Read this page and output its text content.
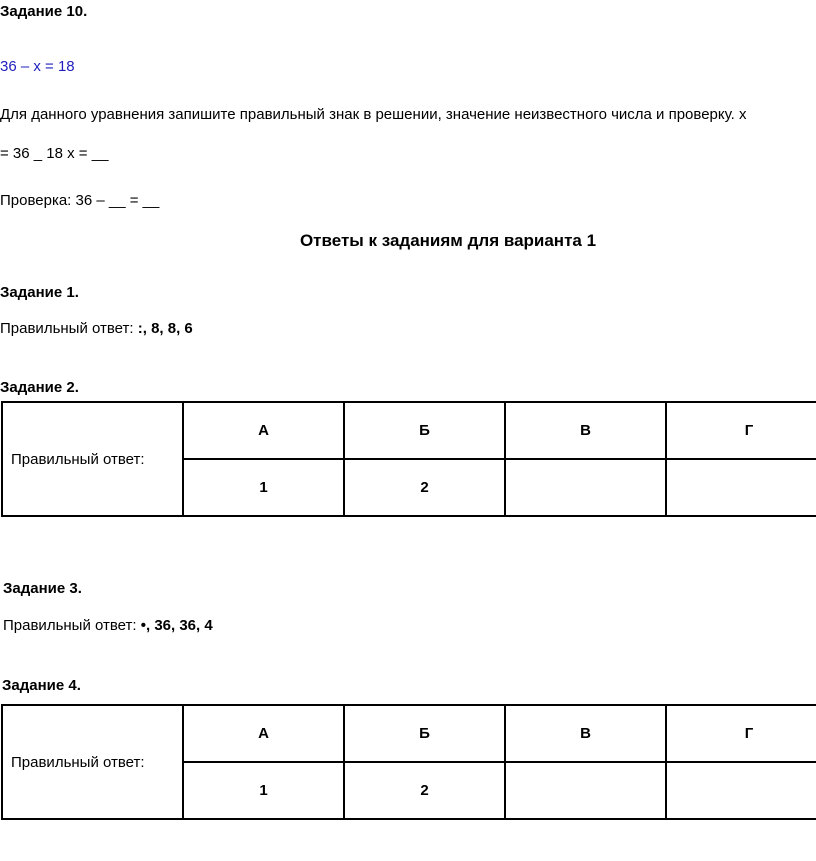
Задание 10.
36 – x = 18
Для данного уравнения запишите правильный знак в решении, значение неизвестного числа и проверку. х
= 36 _ 18 х = __
Проверка: 36 – __ = __
Ответы к заданиям для варианта 1
Задание 1.
Правильный ответ: :, 8, 8, 6
Задание 2.
Правильный ответ:	А	Б	В	Г
	1	2		
Задание 3.
Правильный ответ: •, 36, 36, 4
Задание 4.
Правильный ответ:	А	Б	В	Г
	1	2		
